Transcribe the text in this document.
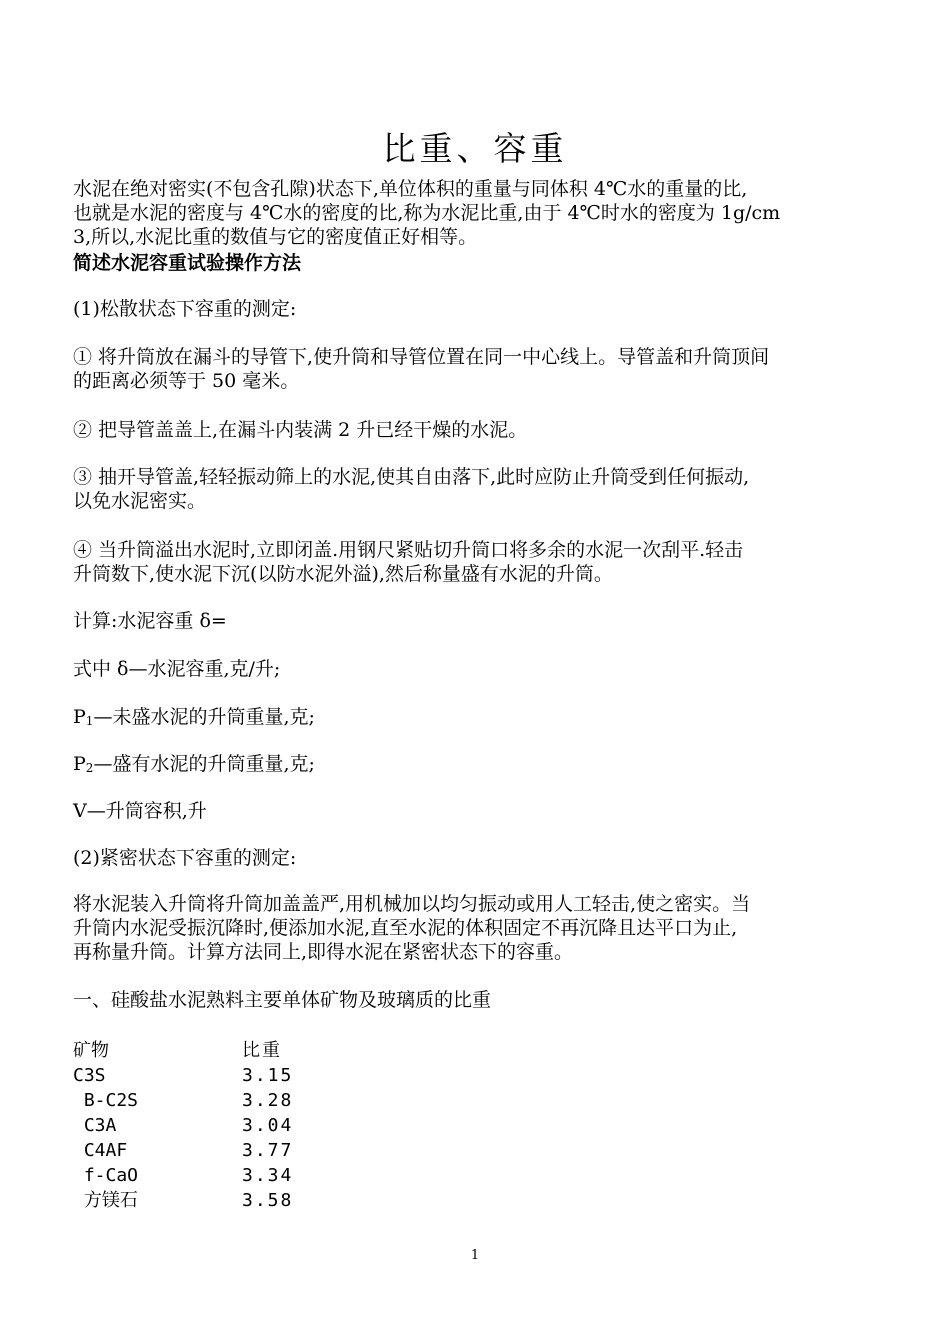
比重、容重
水泥在绝对密实(不包含孔隙)状态下,单位体积的重量与同体积 4℃水的重量的比,
也就是水泥的密度与 4℃水的密度的比,称为水泥比重,由于 4℃时水的密度为 1g/cm
3,所以,水泥比重的数值与它的密度值正好相等。
简述水泥容重试验操作方法
(1)松散状态下容重的测定:
① 将升筒放在漏斗的导管下,使升筒和导管位置在同一中心线上。导管盖和升筒顶间
的距离必须等于 50 毫米。
② 把导管盖盖上,在漏斗内装满 2 升已经干燥的水泥。
③ 抽开导管盖,轻轻振动筛上的水泥,使其自由落下,此时应防止升筒受到任何振动,
以免水泥密实。
④ 当升筒溢出水泥时,立即闭盖.用钢尺紧贴切升筒口将多余的水泥一次刮平.轻击
升筒数下,使水泥下沉(以防水泥外溢),然后称量盛有水泥的升筒。
计算:水泥容重 δ=
式中 δ—水泥容重,克/升;
P1—未盛水泥的升筒重量,克;
P2—盛有水泥的升筒重量,克;
V—升筒容积,升
(2)紧密状态下容重的测定:
将水泥装入升筒将升筒加盖盖严,用机械加以均匀振动或用人工轻击,使之密实。当
升筒内水泥受振沉降时,便添加水泥,直至水泥的体积固定不再沉降且达平口为止,
再称量升筒。计算方法同上,即得水泥在紧密状态下的容重。
一、硅酸盐水泥熟料主要单体矿物及玻璃质的比重
矿物	比重
C3S	3.15
B-C2S	3.28
C3A	3.04
C4AF	3.77
f-CaO	3.34
方镁石	3.58
1
